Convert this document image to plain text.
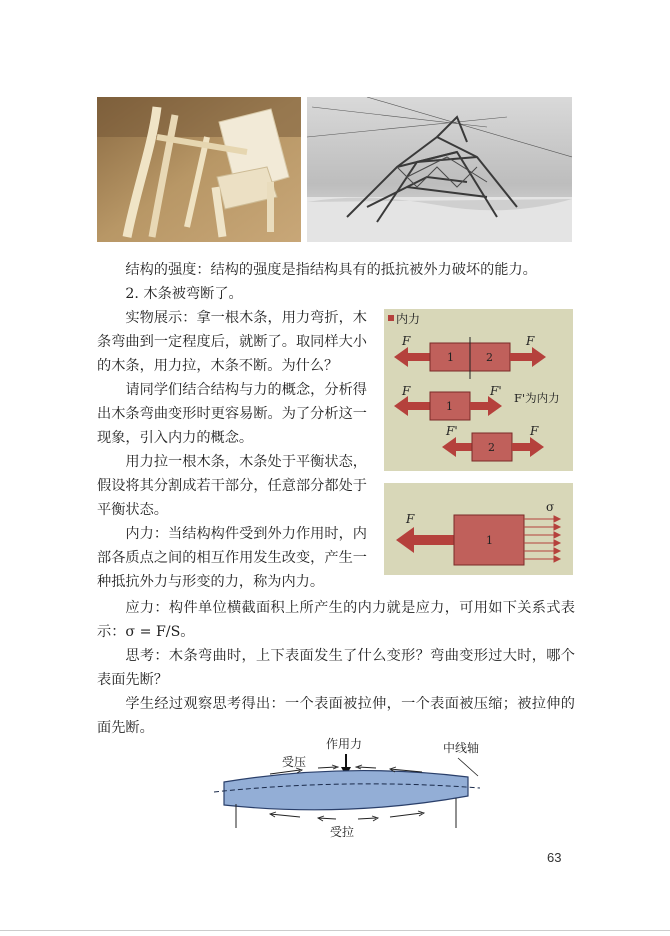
结构的强度：结构的强度是指结构具有的抵抗被外力破坏的能力。
2. 木条被弯断了。
实物展示：拿一根木条，用力弯折，木条弯曲到一定程度后，就断了。取同样大小的木条，用力拉，木条不断。为什么？
请同学们结合结构与力的概念，分析得出木条弯曲变形时更容易断。为了分析这一现象，引入内力的概念。
用力拉一根木条，木条处于平衡状态，假设将其分割成若干部分，任意部分都处于平衡状态。
内力：当结构构件受到外力作用时，内部各质点之间的相互作用发生改变，产生一种抵抗外力与形变的力，称为内力。
应力：构件单位横截面积上所产生的内力就是应力，可用如下关系式表示：σ = F/S。
思考：木条弯曲时，上下表面发生了什么变形？弯曲变形过大时，哪个表面先断？
学生经过观察思考得出：一个表面被拉伸，一个表面被压缩；被拉伸的面先断。
内力
F	F
1	2
F	F'
1
F'为内力
F'	F
2
F
σ
1
作用力	中线轴
受压
受拉
63
